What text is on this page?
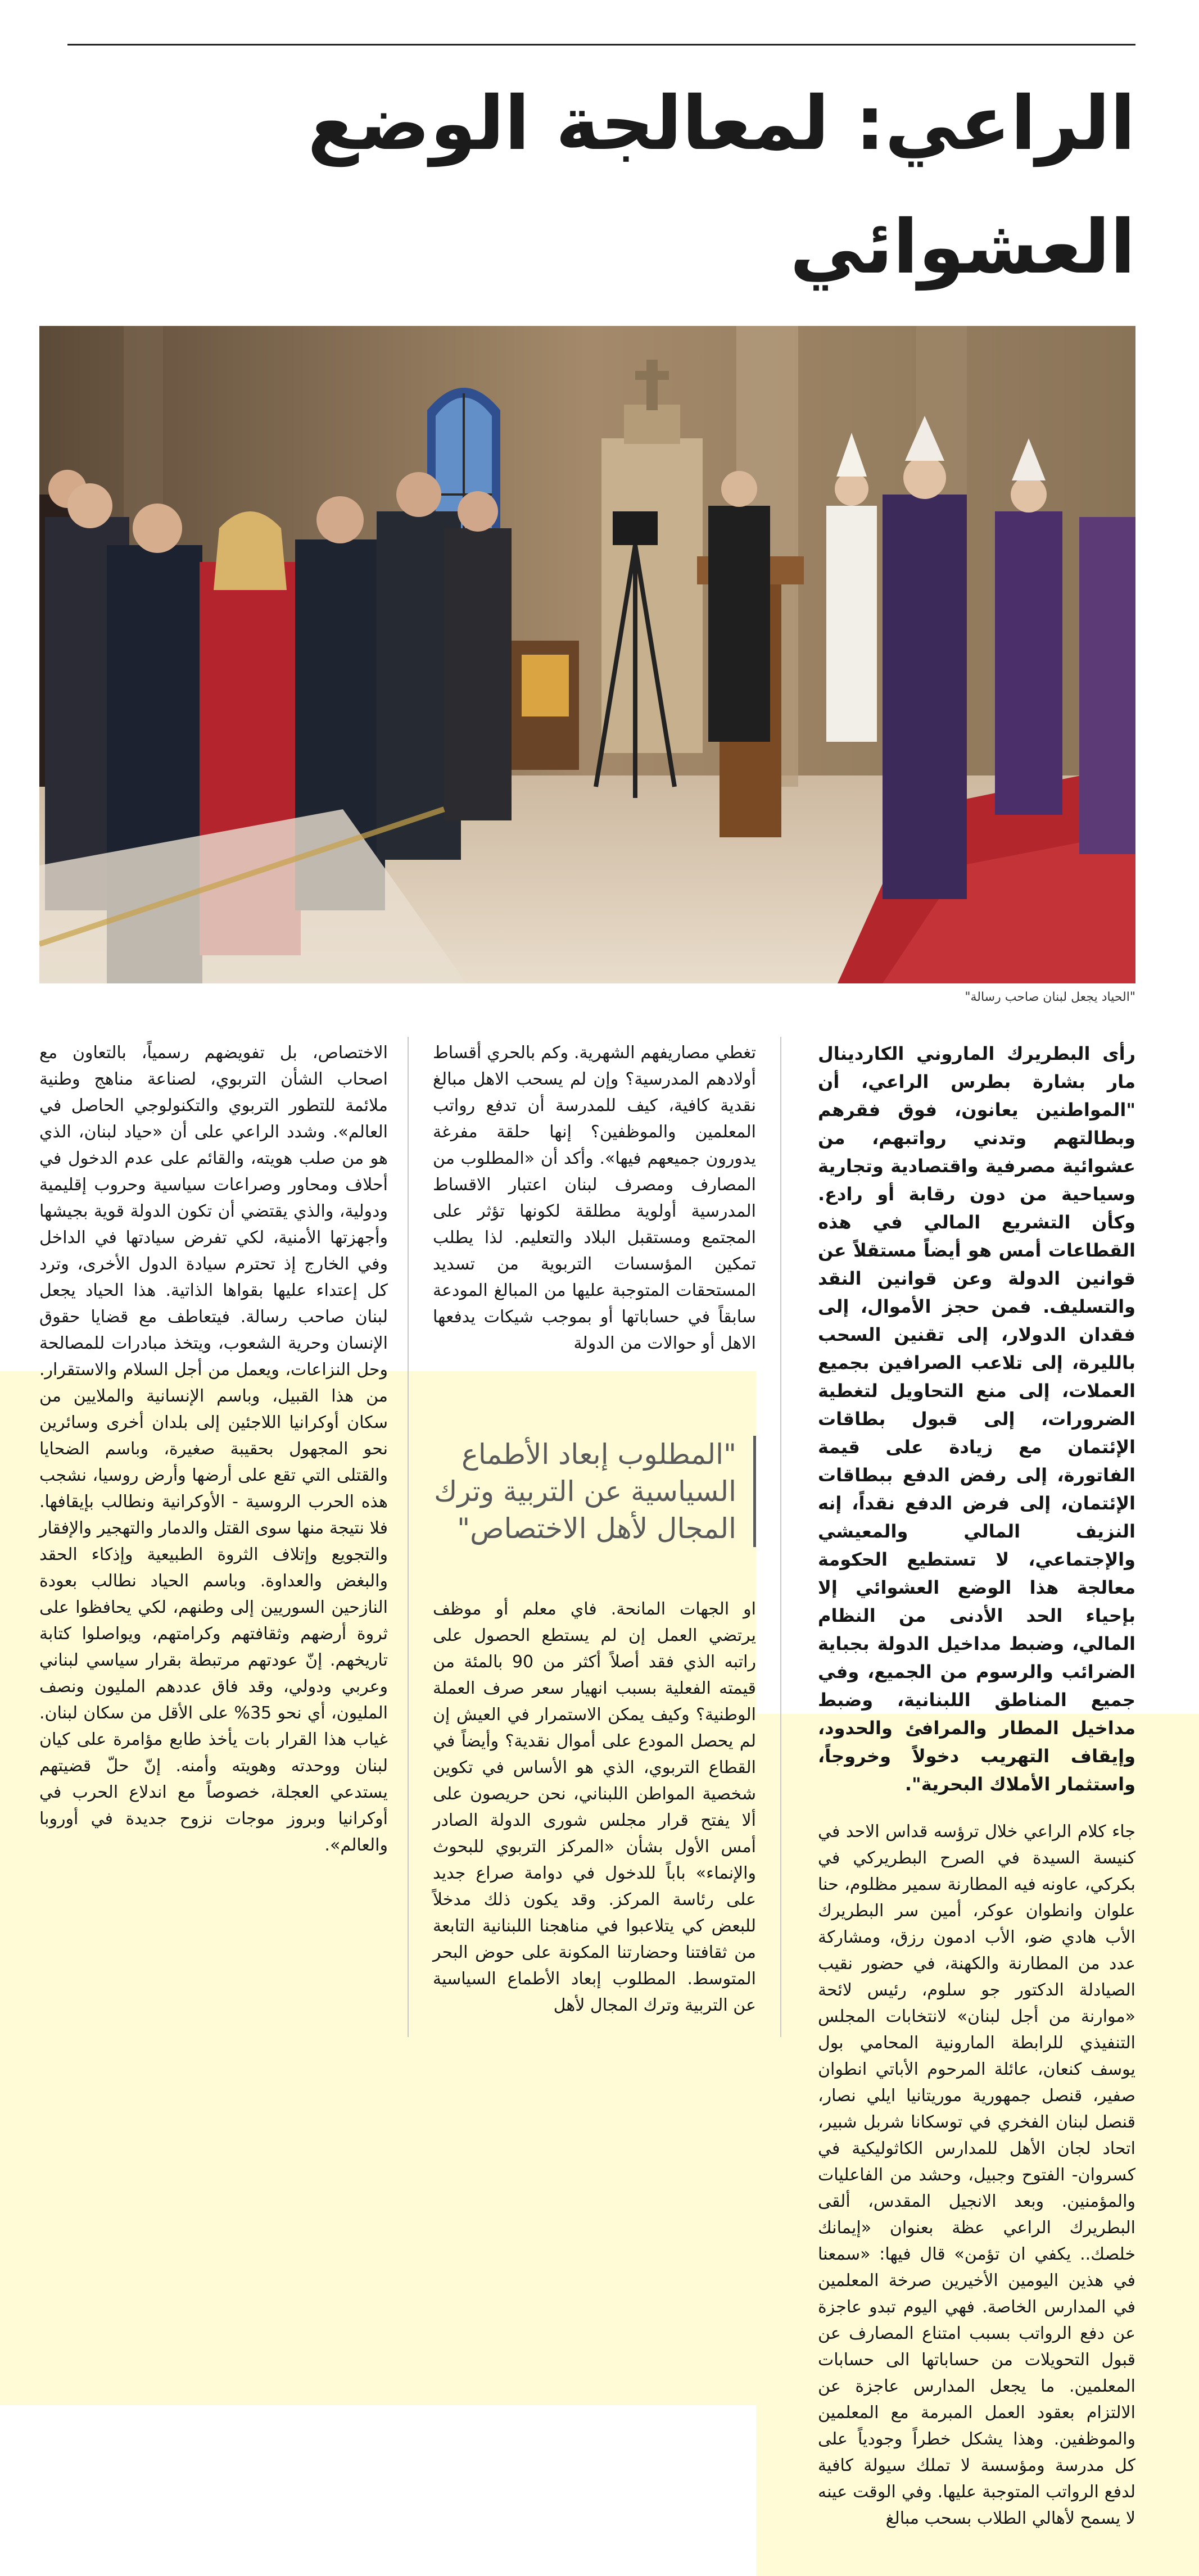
الراعي: لمعالجة الوضع العشوائي
"الحياد يجعل لبنان صاحب رسالة"

رأى البطريرك الماروني الكاردينال مار بشارة بطرس الراعي، أن "المواطنين يعانون، فوق فقرهم وبطالتهم وتدني رواتبهم، من عشوائية مصرفية واقتصادية وتجارية وسياحية من دون رقابة أو رادع. وكأن التشريع المالي في هذه القطاعات أمس هو أيضاً مستقلاً عن قوانين الدولة وعن قوانين النقد والتسليف. فمن حجز الأموال، إلى فقدان الدولار، إلى تقنين السحب بالليرة، إلى تلاعب الصرافين بجميع العملات، إلى منع التحاويل لتغطية الضرورات، إلى قبول بطاقات الإئتمان مع زيادة على قيمة الفاتورة، إلى رفض الدفع ببطاقات الإئتمان، إلى فرض الدفع نقداً، إنه النزيف المالي والمعيشي والإجتماعي، لا تستطيع الحكومة معالجة هذا الوضع العشوائي إلا بإحياء الحد الأدنى من النظام المالي، وضبط مداخيل الدولة بجباية الضرائب والرسوم من الجميع، وفي جميع المناطق اللبنانية، وضبط مداخيل المطار والمرافئ والحدود، وإيقاف التهريب دخولاً وخروجاً، واستثمار الأملاك البحرية".

جاء كلام الراعي خلال ترؤسه قداس الاحد في كنيسة السيدة في الصرح البطريركي في بكركي، عاونه فيه المطارنة سمير مظلوم، حنا علوان وانطوان عوكر، أمين سر البطريرك الأب هادي ضو، الأب ادمون رزق، ومشاركة عدد من المطارنة والكهنة، في حضور نقيب الصيادلة الدكتور جو سلوم، رئيس لائحة «موارنة من أجل لبنان» لانتخابات المجلس التنفيذي للرابطة المارونية المحامي بول يوسف كنعان، عائلة المرحوم الأباتي انطوان صفير، قنصل جمهورية موريتانيا ايلي نصار، قنصل لبنان الفخري في توسكانا شربل شبير، اتحاد لجان الأهل للمدارس الكاثوليكية في كسروان- الفتوح وجبيل، وحشد من الفاعليات والمؤمنين. وبعد الانجيل المقدس، ألقى البطريرك الراعي عظة بعنوان «إيمانك خلصك.. يكفي ان تؤمن» قال فيها: «سمعنا في هذين اليومين الأخيرين صرخة المعلمين في المدارس الخاصة. فهي اليوم تبدو عاجزة عن دفع الرواتب بسبب امتناع المصارف عن قبول التحويلات من حساباتها الى حسابات المعلمين. ما يجعل المدارس عاجزة عن الالتزام بعقود العمل المبرمة مع المعلمين والموظفين. وهذا يشكل خطراً وجودياً على كل مدرسة ومؤسسة لا تملك سيولة كافية لدفع الرواتب المتوجبة عليها. وفي الوقت عينه لا يسمح لأهالي الطلاب بسحب مبالغ

تغطي مصاريفهم الشهرية. وكم بالحري أقساط أولادهم المدرسية؟ وإن لم يسحب الاهل مبالغ نقدية كافية، كيف للمدرسة أن تدفع رواتب المعلمين والموظفين؟ إنها حلقة مفرغة يدورون جميعهم فيها». وأكد أن «المطلوب من المصارف ومصرف لبنان اعتبار الاقساط المدرسية أولوية مطلقة لكونها تؤثر على المجتمع ومستقبل البلاد والتعليم. لذا يطلب تمكين المؤسسات التربوية من تسديد المستحقات المتوجبة عليها من المبالغ المودعة سابقاً في حساباتها أو بموجب شيكات يدفعها الاهل أو حوالات من الدولة

او الجهات المانحة. فاي معلم أو موظف يرتضي العمل إن لم يستطع الحصول على راتبه الذي فقد أصلاً أكثر من 90 بالمئة من قيمته الفعلية بسبب انهيار سعر صرف العملة الوطنية؟ وكيف يمكن الاستمرار في العيش إن لم يحصل المودع على أموال نقدية؟ وأيضاً في القطاع التربوي، الذي هو الأساس في تكوين شخصية المواطن اللبناني، نحن حريصون على ألا يفتح قرار مجلس شورى الدولة الصادر أمس الأول بشأن «المركز التربوي للبحوث والإنماء» باباً للدخول في دوامة صراع جديد على رئاسة المركز. وقد يكون ذلك مدخلاً للبعض كي يتلاعبوا في مناهجنا اللبنانية التابعة من ثقافتنا وحضارتنا المكونة على حوض البحر المتوسط. المطلوب إبعاد الأطماع السياسية عن التربية وترك المجال لأهل

"المطلوب إبعاد الأطماع السياسية عن التربية وترك المجال لأهل الاختصاص"

الاختصاص، بل تفويضهم رسمياً، بالتعاون مع اصحاب الشأن التربوي، لصناعة مناهج وطنية ملائمة للتطور التربوي والتكنولوجي الحاصل في العالم». وشدد الراعي على أن «حياد لبنان، الذي هو من صلب هويته، والقائم على عدم الدخول في أحلاف ومحاور وصراعات سياسية وحروب إقليمية ودولية، والذي يقتضي أن تكون الدولة قوية بجيشها وأجهزتها الأمنية، لكي تفرض سيادتها في الداخل وفي الخارج إذ تحترم سيادة الدول الأخرى، وترد كل إعتداء عليها بقواها الذاتية. هذا الحياد يجعل لبنان صاحب رسالة. فيتعاطف مع قضايا حقوق الإنسان وحرية الشعوب، ويتخذ مبادرات للمصالحة وحل النزاعات، ويعمل من أجل السلام والاستقرار. من هذا القبيل، وباسم الإنسانية والملايين من سكان أوكرانيا اللاجئين إلى بلدان أخرى وسائرين نحو المجهول بحقيبة صغيرة، وباسم الضحايا والقتلى التي تقع على أرضها وأرض روسيا، نشجب هذه الحرب الروسية - الأوكرانية ونطالب بإيقافها. فلا نتيجة منها سوى القتل والدمار والتهجير والإفقار والتجويع وإتلاف الثروة الطبيعية وإذكاء الحقد والبغض والعداوة. وباسم الحياد نطالب بعودة النازحين السوريين إلى وطنهم، لكي يحافظوا على ثروة أرضهم وثقافتهم وكرامتهم، ويواصلوا كتابة تاريخهم. إنّ عودتهم مرتبطة بقرار سياسي لبناني وعربي ودولي، وقد فاق عددهم المليون ونصف المليون، أي نحو 35% على الأقل من سكان لبنان. غياب هذا القرار بات يأخذ طابع مؤامرة على كيان لبنان ووحدته وهويته وأمنه. إنّ حلّ قضيتهم يستدعي العجلة، خصوصاً مع اندلاع الحرب في أوكرانيا وبروز موجات نزوح جديدة في أوروبا والعالم».
